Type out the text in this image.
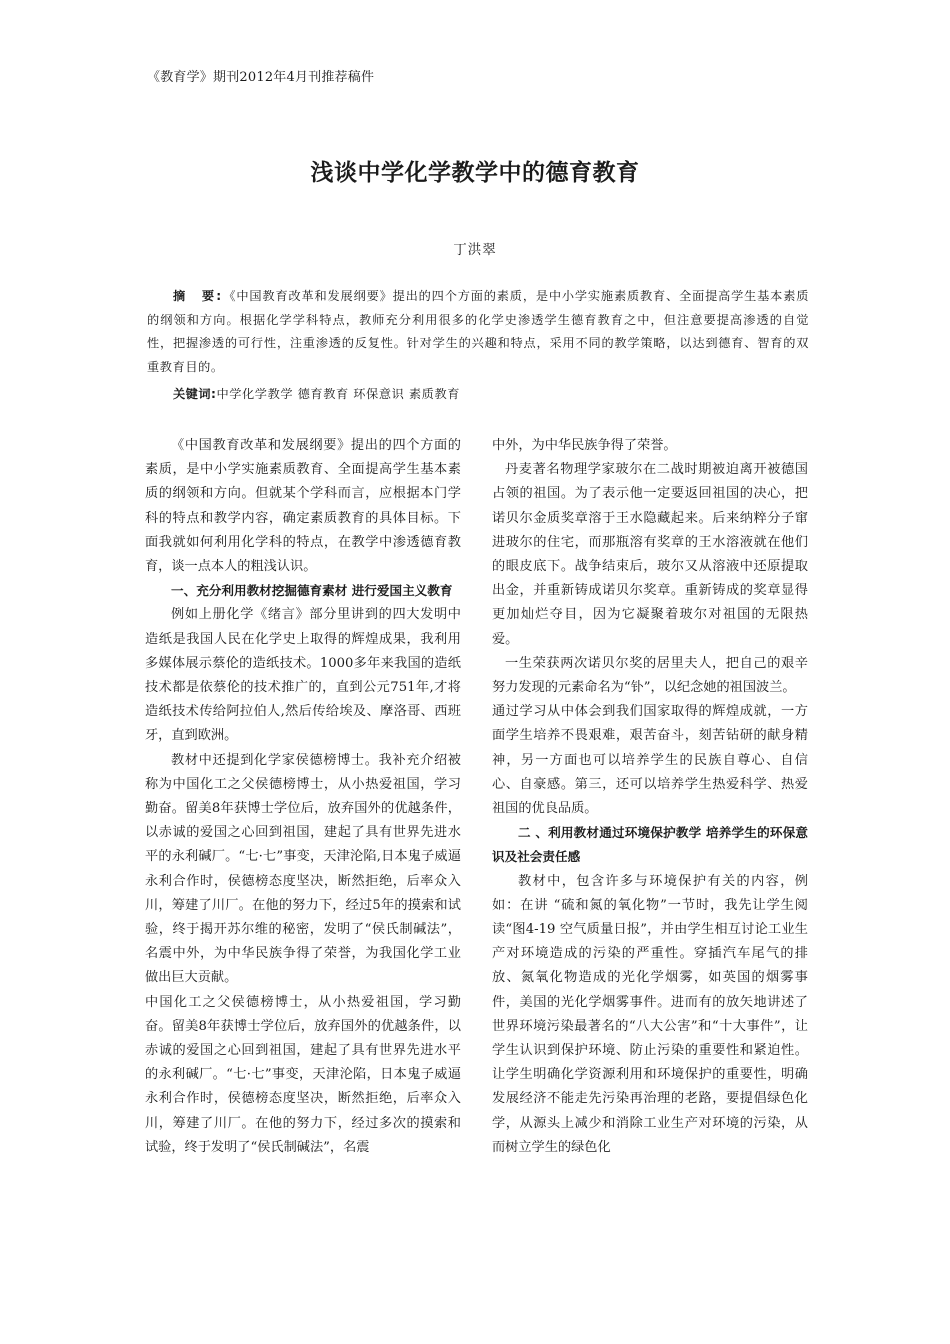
《教育学》期刊2012年4月刊推荐稿件
浅谈中学化学教学中的德育教育
丁洪翠
摘　要:《中国教育改革和发展纲要》提出的四个方面的素质，是中小学实施素质教育、全面提高学生基本素质的纲领和方向。根据化学学科特点，教师充分利用很多的化学史渗透学生德育教育之中，但注意要提高渗透的自觉性，把握渗透的可行性，注重渗透的反复性。针对学生的兴趣和特点，采用不同的教学策略，以达到德育、智育的双重教育目的。
关键词:中学化学教学 德育教育 环保意识 素质教育

《中国教育改革和发展纲要》提出的四个方面的素质，是中小学实施素质教育、全面提高学生基本素质的纲领和方向。但就某个学科而言，应根据本门学科的特点和教学内容，确定素质教育的具体目标。下面我就如何利用化学科的特点，在教学中渗透德育教育，谈一点本人的粗浅认识。

一、充分利用教材挖掘德育素材 进行爱国主义教育

例如上册化学《绪言》部分里讲到的四大发明中造纸是我国人民在化学史上取得的辉煌成果，我利用多媒体展示蔡伦的造纸技术。1000多年来我国的造纸技术都是依蔡伦的技术推广的，直到公元751年,才将造纸技术传给阿拉伯人,然后传给埃及、摩洛哥、西班牙，直到欧洲。

教材中还提到化学家侯德榜博士。我补充介绍被称为中国化工之父侯德榜博士，从小热爱祖国，学习勤奋。留美8年获博士学位后，放弃国外的优越条件，以赤诚的爱国之心回到祖国，建起了具有世界先进水平的永利碱厂。“七·七”事变，天津沦陷,日本鬼子威逼永利合作时，侯德榜态度坚决，断然拒绝，后率众入川，筹建了川厂。在他的努力下，经过5年的摸索和试验，终于揭开苏尔维的秘密，发明了“侯氏制碱法”，名震中外，为中华民族争得了荣誉，为我国化学工业做出巨大贡献。

中国化工之父侯德榜博士，从小热爱祖国，学习勤奋。留美8年获博士学位后，放弃国外的优越条件，以赤诚的爱国之心回到祖国，建起了具有世界先进水平的永利碱厂。“七·七”事变，天津沦陷，日本鬼子威逼永利合作时，侯德榜态度坚决，断然拒绝，后率众入川，筹建了川厂。在他的努力下，经过多次的摸索和试验，终于发明了“侯氏制碱法”，名震

中外，为中华民族争得了荣誉。

丹麦著名物理学家玻尔在二战时期被迫离开被德国占领的祖国。为了表示他一定要返回祖国的决心，把诺贝尔金质奖章溶于王水隐藏起来。后来纳粹分子窜进玻尔的住宅，而那瓶溶有奖章的王水溶液就在他们的眼皮底下。战争结束后，玻尔又从溶液中还原提取出金，并重新铸成诺贝尔奖章。重新铸成的奖章显得更加灿烂夺目，因为它凝聚着玻尔对祖国的无限热爱。

一生荣获两次诺贝尔奖的居里夫人，把自己的艰辛努力发现的元素命名为“钋”，以纪念她的祖国波兰。

通过学习从中体会到我们国家取得的辉煌成就，一方面学生培养不畏艰难，艰苦奋斗，刻苦钻研的献身精神，另一方面也可以培养学生的民族自尊心、自信心、自豪感。第三，还可以培养学生热爱科学、热爱祖国的优良品质。

二 、利用教材通过环境保护教学 培养学生的环保意识及社会责任感

教材中，包含许多与环境保护有关的内容，例如：在讲 “硫和氮的氧化物”一节时，我先让学生阅读“图4-19 空气质量日报”，并由学生相互讨论工业生产对环境造成的污染的严重性。穿插汽车尾气的排放、氮氧化物造成的光化学烟雾，如英国的烟雾事件，美国的光化学烟雾事件。进而有的放矢地讲述了世界环境污染最著名的“八大公害”和“十大事件”，让学生认识到保护环境、防止污染的重要性和紧迫性。让学生明确化学资源利用和环境保护的重要性，明确发展经济不能走先污染再治理的老路，要提倡绿色化学，从源头上减少和消除工业生产对环境的污染，从而树立学生的绿色化
